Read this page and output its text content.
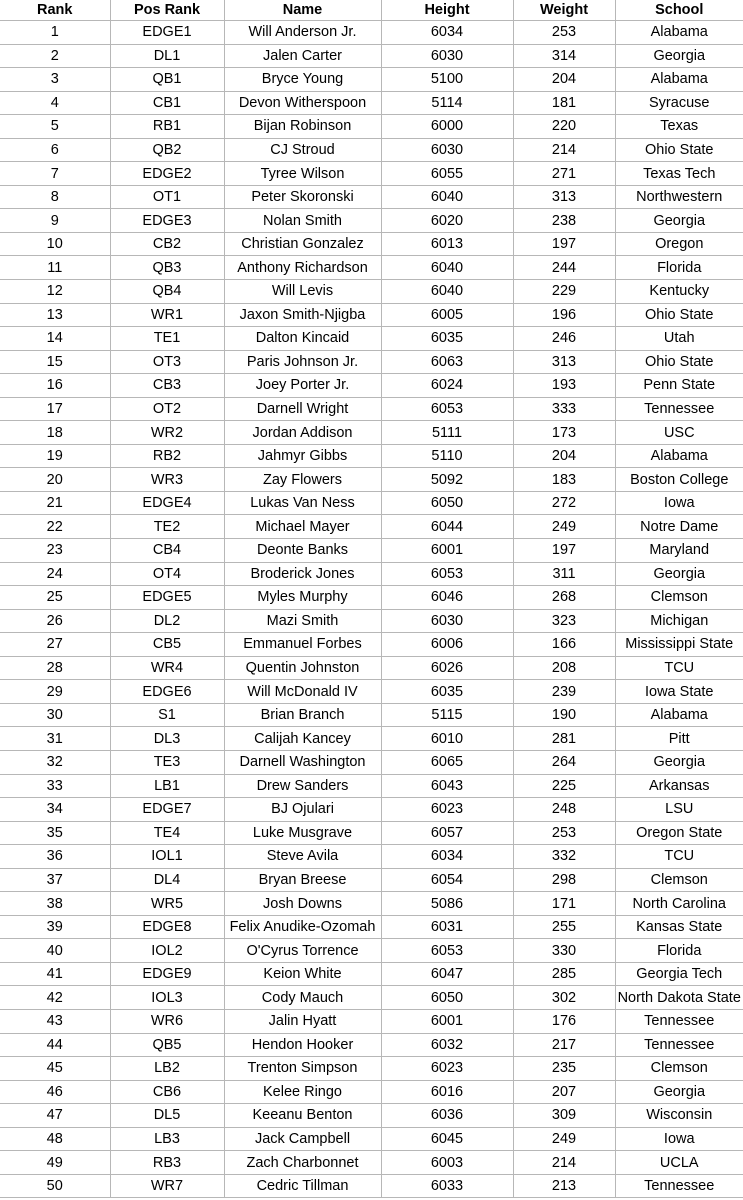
Rank	Pos Rank	Name	Height	Weight	School
1	EDGE1	Will Anderson Jr.	6034	253	Alabama
2	DL1	Jalen Carter	6030	314	Georgia
3	QB1	Bryce Young	5100	204	Alabama
4	CB1	Devon Witherspoon	5114	181	Syracuse
5	RB1	Bijan Robinson	6000	220	Texas
6	QB2	CJ Stroud	6030	214	Ohio State
7	EDGE2	Tyree Wilson	6055	271	Texas Tech
8	OT1	Peter Skoronski	6040	313	Northwestern
9	EDGE3	Nolan Smith	6020	238	Georgia
10	CB2	Christian Gonzalez	6013	197	Oregon
11	QB3	Anthony Richardson	6040	244	Florida
12	QB4	Will Levis	6040	229	Kentucky
13	WR1	Jaxon Smith-Njigba	6005	196	Ohio State
14	TE1	Dalton Kincaid	6035	246	Utah
15	OT3	Paris Johnson Jr.	6063	313	Ohio State
16	CB3	Joey Porter Jr.	6024	193	Penn State
17	OT2	Darnell Wright	6053	333	Tennessee
18	WR2	Jordan Addison	5111	173	USC
19	RB2	Jahmyr Gibbs	5110	204	Alabama
20	WR3	Zay Flowers	5092	183	Boston College
21	EDGE4	Lukas Van Ness	6050	272	Iowa
22	TE2	Michael Mayer	6044	249	Notre Dame
23	CB4	Deonte Banks	6001	197	Maryland
24	OT4	Broderick Jones	6053	311	Georgia
25	EDGE5	Myles Murphy	6046	268	Clemson
26	DL2	Mazi Smith	6030	323	Michigan
27	CB5	Emmanuel Forbes	6006	166	Mississippi State
28	WR4	Quentin Johnston	6026	208	TCU
29	EDGE6	Will McDonald IV	6035	239	Iowa State
30	S1	Brian Branch	5115	190	Alabama
31	DL3	Calijah Kancey	6010	281	Pitt
32	TE3	Darnell Washington	6065	264	Georgia
33	LB1	Drew Sanders	6043	225	Arkansas
34	EDGE7	BJ Ojulari	6023	248	LSU
35	TE4	Luke Musgrave	6057	253	Oregon State
36	IOL1	Steve Avila	6034	332	TCU
37	DL4	Bryan Breese	6054	298	Clemson
38	WR5	Josh Downs	5086	171	North Carolina
39	EDGE8	Felix Anudike-Ozomah	6031	255	Kansas State
40	IOL2	O'Cyrus Torrence	6053	330	Florida
41	EDGE9	Keion White	6047	285	Georgia Tech
42	IOL3	Cody Mauch	6050	302	North Dakota State
43	WR6	Jalin Hyatt	6001	176	Tennessee
44	QB5	Hendon Hooker	6032	217	Tennessee
45	LB2	Trenton Simpson	6023	235	Clemson
46	CB6	Kelee Ringo	6016	207	Georgia
47	DL5	Keeanu Benton	6036	309	Wisconsin
48	LB3	Jack Campbell	6045	249	Iowa
49	RB3	Zach Charbonnet	6003	214	UCLA
50	WR7	Cedric Tillman	6033	213	Tennessee
